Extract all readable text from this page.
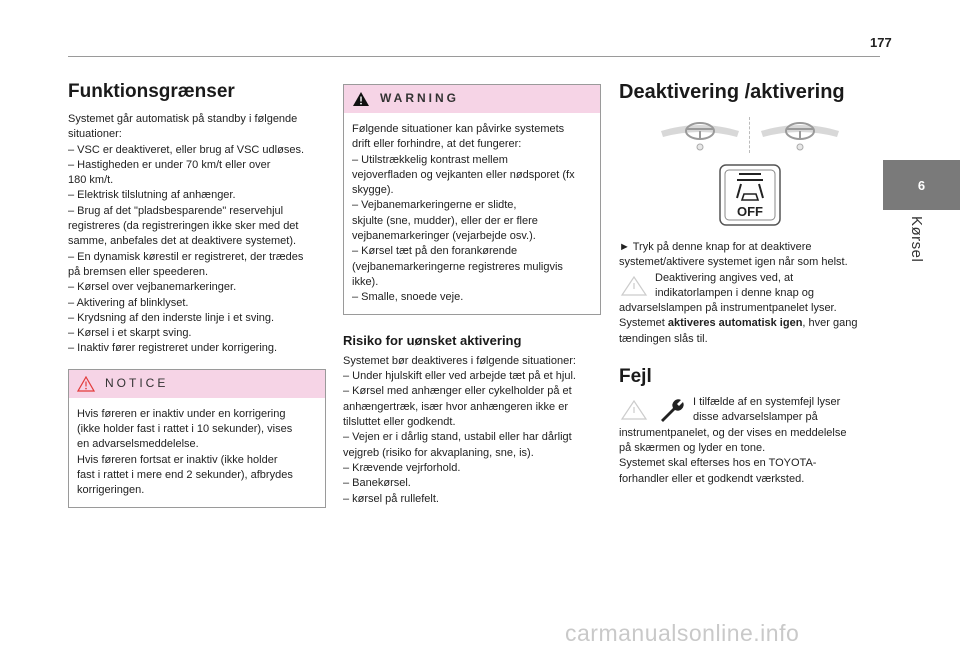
177
6
Kørsel
Funktionsgrænser
Systemet går automatisk på standby i følgende
situationer:
– VSC er deaktiveret, eller brug af VSC udløses.
– Hastigheden er under 70 km/t eller over
180 km/t.
– Elektrisk tilslutning af anhænger.
– Brug af det "pladsbesparende" reservehjul
registreres (da registreringen ikke sker med det
samme, anbefales det at deaktivere systemet).
– En dynamisk kørestil er registreret, der trædes
på bremsen eller speederen.
– Kørsel over vejbanemarkeringer.
– Aktivering af blinklyset.
– Krydsning af den inderste linje i et sving.
– Kørsel i et skarpt sving.
– Inaktiv fører registreret under korrigering.
NOTICE
Hvis føreren er inaktiv under en korrigering
(ikke holder fast i rattet i 10 sekunder), vises
en advarselsmeddelelse.
Hvis føreren fortsat er inaktiv (ikke holder
fast i rattet i mere end 2 sekunder), afbrydes
korrigeringen.
WARNING
Følgende situationer kan påvirke systemets
drift eller forhindre, at det fungerer:
– Utilstrækkelig kontrast mellem
vejoverfladen og vejkanten eller nødsporet (fx
skygge).
– Vejbanemarkeringerne er slidte,
skjulte (sne, mudder), eller der er flere
vejbanemarkeringer (vejarbejde osv.).
– Kørsel tæt på den forankørende
(vejbanemarkeringerne registreres muligvis
ikke).
– Smalle, snoede veje.
Risiko for uønsket aktivering
Systemet bør deaktiveres i følgende situationer:
– Under hjulskift eller ved arbejde tæt på et hjul.
– Kørsel med anhænger eller cykelholder på et
anhængertræk, især hvor anhængeren ikke er
tilsluttet eller godkendt.
– Vejen er i dårlig stand, ustabil eller har dårligt
vejgreb (risiko for akvaplaning, sne, is).
– Krævende vejrforhold.
– Banekørsel.
– kørsel på rullefelt.
Deaktivering /aktivering
OFF
► Tryk på denne knap for at deaktivere
systemet/aktivere systemet igen når som helst.
Deaktivering angives ved, at
indikatorlampen i denne knap og
advarselslampen på instrumentpanelet lyser.
Systemet aktiveres automatisk igen, hver gang
tændingen slås til.
Fejl
I tilfælde af en systemfejl lyser
disse advarselslamper på
instrumentpanelet, og der vises en meddelelse
på skærmen og lyder en tone.
Systemet skal efterses hos en TOYOTA-
forhandler eller et godkendt værksted.
carmanualsonline.info
